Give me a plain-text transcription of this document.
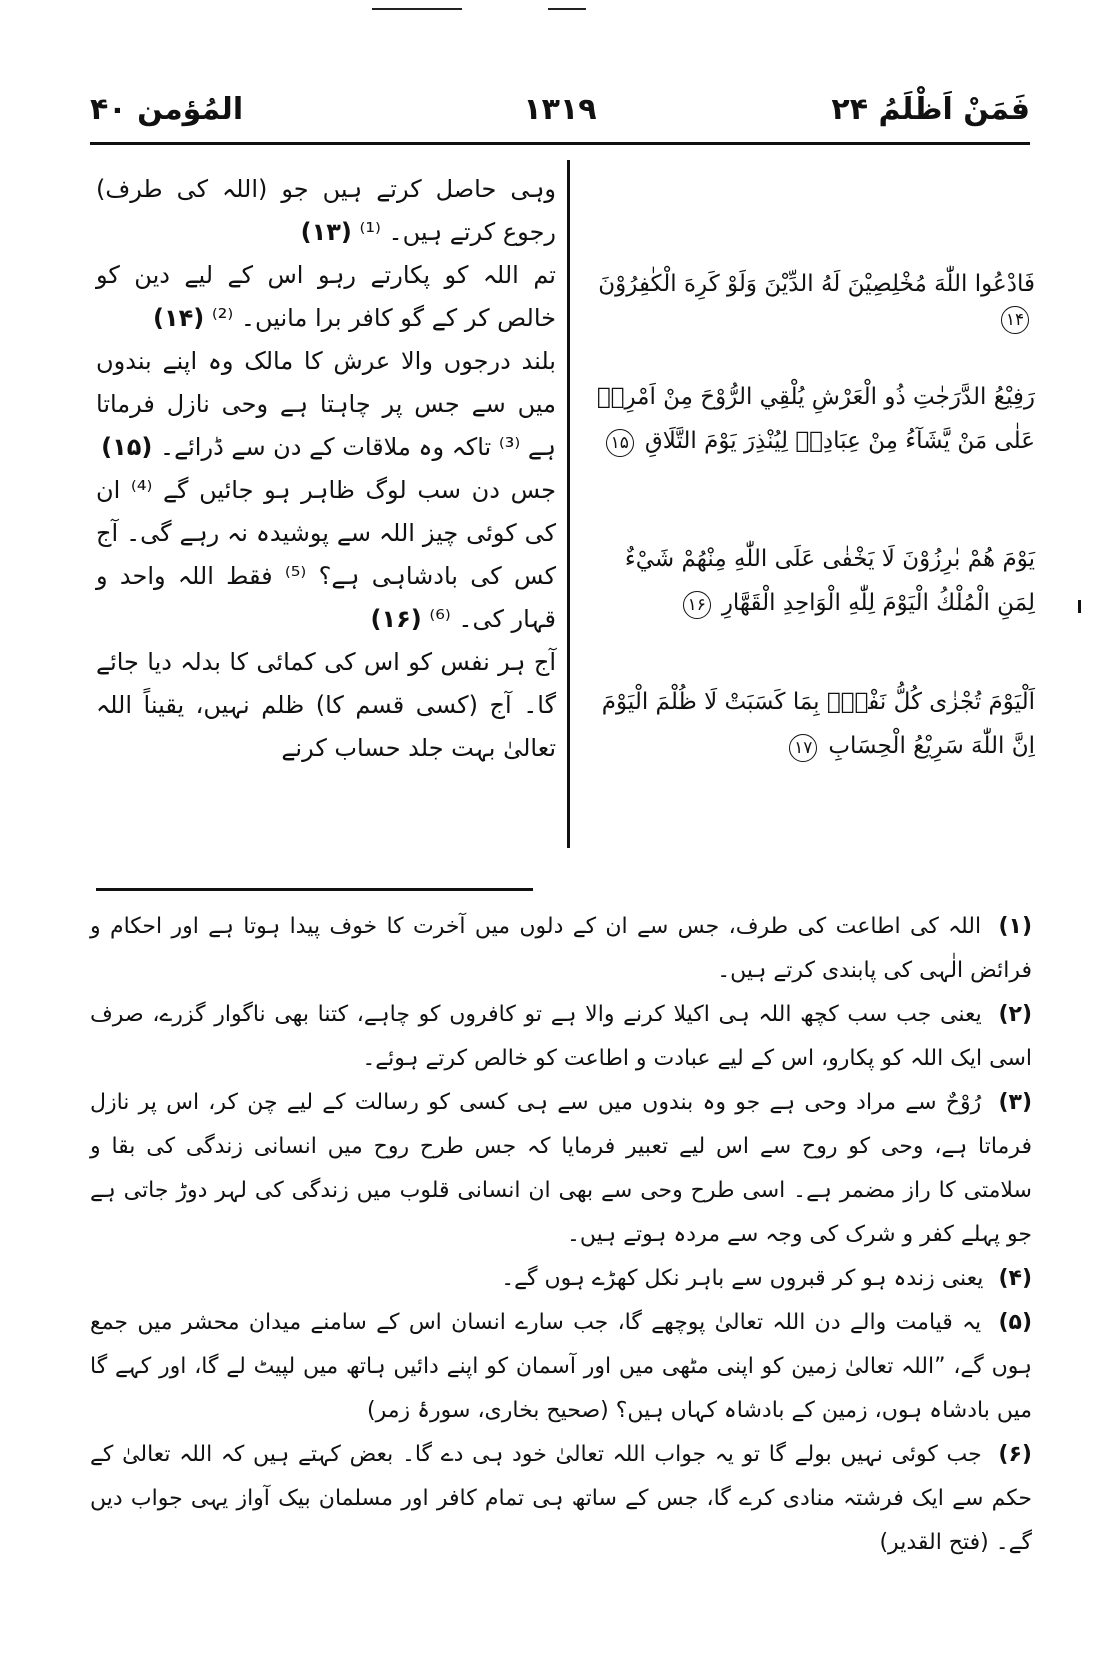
فَمَنْ اَظْلَمُ ۲۴
۱۳۱۹
المُؤمن ۴۰
فَادْعُوا اللّٰهَ مُخْلِصِيْنَ لَهُ الدِّيْنَ وَلَوْ كَرِهَ الْكٰفِرُوْنَ ۱۴
رَفِيْعُ الدَّرَجٰتِ ذُو الْعَرْشِ يُلْقِي الرُّوْحَ مِنْ اَمْرِهٖ عَلٰى مَنْ يَّشَآءُ مِنْ عِبَادِهٖ لِيُنْذِرَ يَوْمَ التَّلَاقِ ۱۵
يَوْمَ هُمْ بٰرِزُوْنَ لَا يَخْفٰى عَلَى اللّٰهِ مِنْهُمْ شَيْءٌ لِمَنِ الْمُلْكُ الْيَوْمَ لِلّٰهِ الْوَاحِدِ الْقَهَّارِ ۱۶
اَلْيَوْمَ تُجْزٰى كُلُّ نَفْسٍۭ بِمَا كَسَبَتْ لَا ظُلْمَ الْيَوْمَ اِنَّ اللّٰهَ سَرِيْعُ الْحِسَابِ ۱۷

وہی حاصل کرتے ہیں جو (اللہ کی طرف) رجوع کرتے ہیں۔ ⁽¹⁾ (۱۳)

تم اللہ کو پکارتے رہو اس کے لیے دین کو خالص کر کے گو کافر برا مانیں۔ ⁽²⁾ (۱۴)

بلند درجوں والا عرش کا مالک وہ اپنے بندوں میں سے جس پر چاہتا ہے وحی نازل فرماتا ہے ⁽³⁾ تاکہ وہ ملاقات کے دن سے ڈرائے۔ (۱۵)

جس دن سب لوگ ظاہر ہو جائیں گے ⁽⁴⁾ ان کی کوئی چیز اللہ سے پوشیدہ نہ رہے گی۔ آج کس کی بادشاہی ہے؟ ⁽⁵⁾ فقط اللہ واحد و قہار کی۔ ⁽⁶⁾ (۱۶)

آج ہر نفس کو اس کی کمائی کا بدلہ دیا جائے گا۔ آج (کسی قسم کا) ظلم نہیں، یقیناً اللہ تعالیٰ بہت جلد حساب کرنے

(۱) اللہ کی اطاعت کی طرف، جس سے ان کے دلوں میں آخرت کا خوف پیدا ہوتا ہے اور احکام و فرائض الٰہی کی پابندی کرتے ہیں۔

(۲) یعنی جب سب کچھ اللہ ہی اکیلا کرنے والا ہے تو کافروں کو چاہے، کتنا بھی ناگوار گزرے، صرف اسی ایک اللہ کو پکارو، اس کے لیے عبادت و اطاعت کو خالص کرتے ہوئے۔

(۳) رُوْحٌ سے مراد وحی ہے جو وہ بندوں میں سے ہی کسی کو رسالت کے لیے چن کر، اس پر نازل فرماتا ہے، وحی کو روح سے اس لیے تعبیر فرمایا کہ جس طرح روح میں انسانی زندگی کی بقا و سلامتی کا راز مضمر ہے۔ اسی طرح وحی سے بھی ان انسانی قلوب میں زندگی کی لہر دوڑ جاتی ہے جو پہلے کفر و شرک کی وجہ سے مردہ ہوتے ہیں۔

(۴) یعنی زندہ ہو کر قبروں سے باہر نکل کھڑے ہوں گے۔

(۵) یہ قیامت والے دن اللہ تعالیٰ پوچھے گا، جب سارے انسان اس کے سامنے میدان محشر میں جمع ہوں گے، ”اللہ تعالیٰ زمین کو اپنی مٹھی میں اور آسمان کو اپنے دائیں ہاتھ میں لپیٹ لے گا، اور کہے گا میں بادشاہ ہوں، زمین کے بادشاہ کہاں ہیں؟ (صحیح بخاری، سورۂ زمر)

(۶) جب کوئی نہیں بولے گا تو یہ جواب اللہ تعالیٰ خود ہی دے گا۔ بعض کہتے ہیں کہ اللہ تعالیٰ کے حکم سے ایک فرشتہ منادی کرے گا، جس کے ساتھ ہی تمام کافر اور مسلمان بیک آواز یہی جواب دیں گے۔ (فتح القدیر)
